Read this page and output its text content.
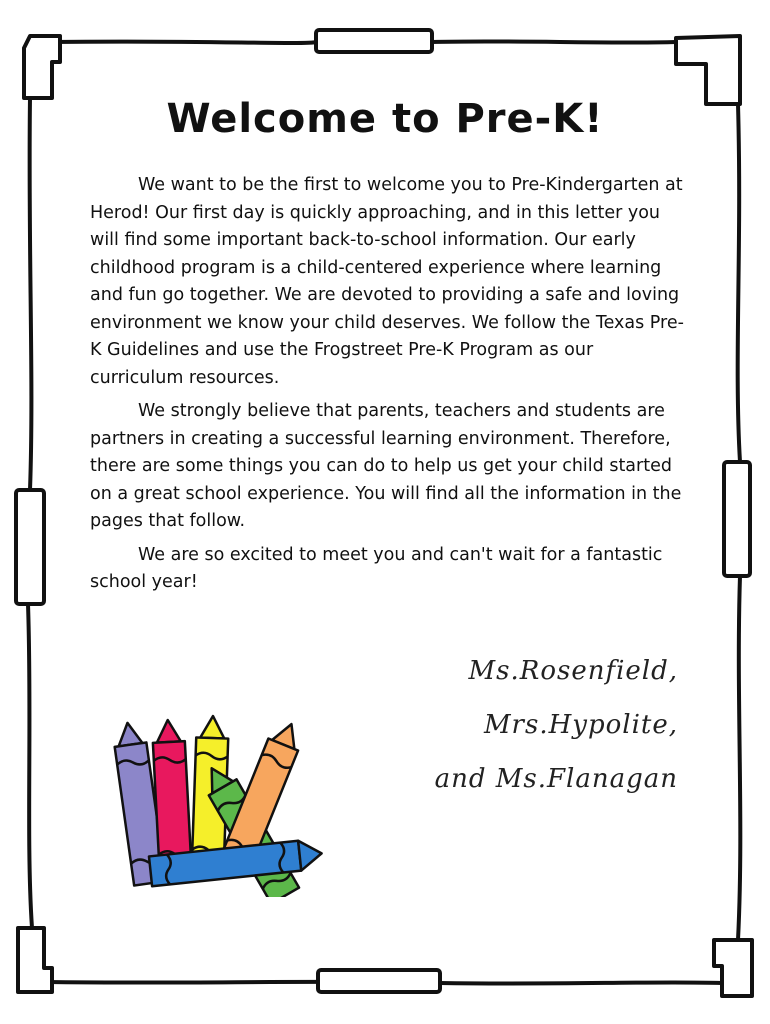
Welcome to Pre-K!

We want to be the first to welcome you to Pre-Kindergarten at Herod! Our first day is quickly approaching, and in this letter you will find some important back-to-school information. Our early childhood program is a child-centered experience where learning and fun go together. We are devoted to providing a safe and loving environment we know your child deserves. We follow the Texas Pre-K Guidelines and use the Frogstreet Pre-K Program as our curriculum resources.

We strongly believe that parents, teachers and students are partners in creating a successful learning environment. Therefore, there are some things you can do to help us get your child started on a great school experience. You will find all the information in the pages that follow.

We are so excited to meet you and can't wait for a fantastic school year!

Ms.Rosenfield,
Mrs.Hypolite,
and Ms.Flanagan
